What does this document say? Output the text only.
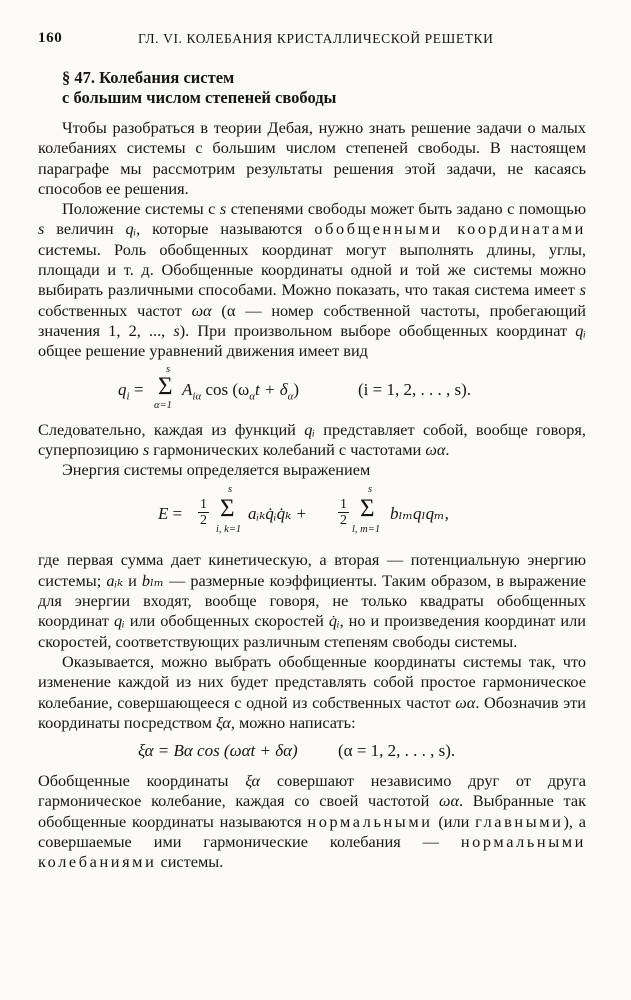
160	ГЛ. VI. КОЛЕБАНИЯ КРИСТАЛЛИЧЕСКОЙ РЕШЕТКИ
§ 47. Колебания систем
с большим числом степеней свободы

Чтобы разобраться в теории Дебая, нужно знать решение задачи о малых колебаниях системы с большим числом степеней свободы. В настоящем параграфе мы рассмотрим результаты решения этой задачи, не касаясь способов ее решения.

Положение системы с s степенями свободы может быть задано с помощью s величин qᵢ, которые называются обобщенными координатами системы. Роль обобщенных координат могут выполнять длины, углы, площади и т. д. Обобщенные координаты одной и той же системы можно выбирать различными способами. Можно показать, что такая система имеет s собственных частот ωα (α — номер собственной частоты, пробегающий значения 1, 2, ..., s). При произвольном выборе обобщенных координат qᵢ общее решение уравнений движения имеет вид

$q_i$ =
s
Σ
α=1
$A_{i\alpha}$ $\cos (\omega_\alpha t + \delta_\alpha)$	(i = 1, 2, . . . , s).

Следовательно, каждая из функций qᵢ представляет собой, вообще говоря, суперпозицию s гармонических колебаний с частотами ωα.

Энергия системы определяется выражением

$E = \frac{1}{2}$
s
Σ
i, k=1
aᵢₖq̇ᵢq̇ₖ + $\frac{1}{2}$
s
Σ
l, m=1
bₗₘqₗqₘ,

где первая сумма дает кинетическую, а вторая — потенциальную энергию системы; aᵢₖ и bₗₘ — размерные коэффициенты. Таким образом, в выражение для энергии входят, вообще говоря, не только квадраты обобщенных координат qᵢ или обобщенных скоростей q̇ᵢ, но и произведения координат или скоростей, соответствующих различным степеням свободы системы.

Оказывается, можно выбрать обобщенные координаты системы так, что изменение каждой из них будет представлять собой простое гармоническое колебание, совершающееся с одной из собственных частот ωα. Обозначив эти координаты посредством ξα, можно написать:

ξα = Bα cos (ωαt + δα) (α = 1, 2, . . . , s).

Обобщенные координаты ξα совершают независимо друг от друга гармоническое колебание, каждая со своей частотой ωα. Выбранные так обобщенные координаты называются нормальными (или главными), а совершаемые ими гармонические колебания — нормальными колебаниями системы.
